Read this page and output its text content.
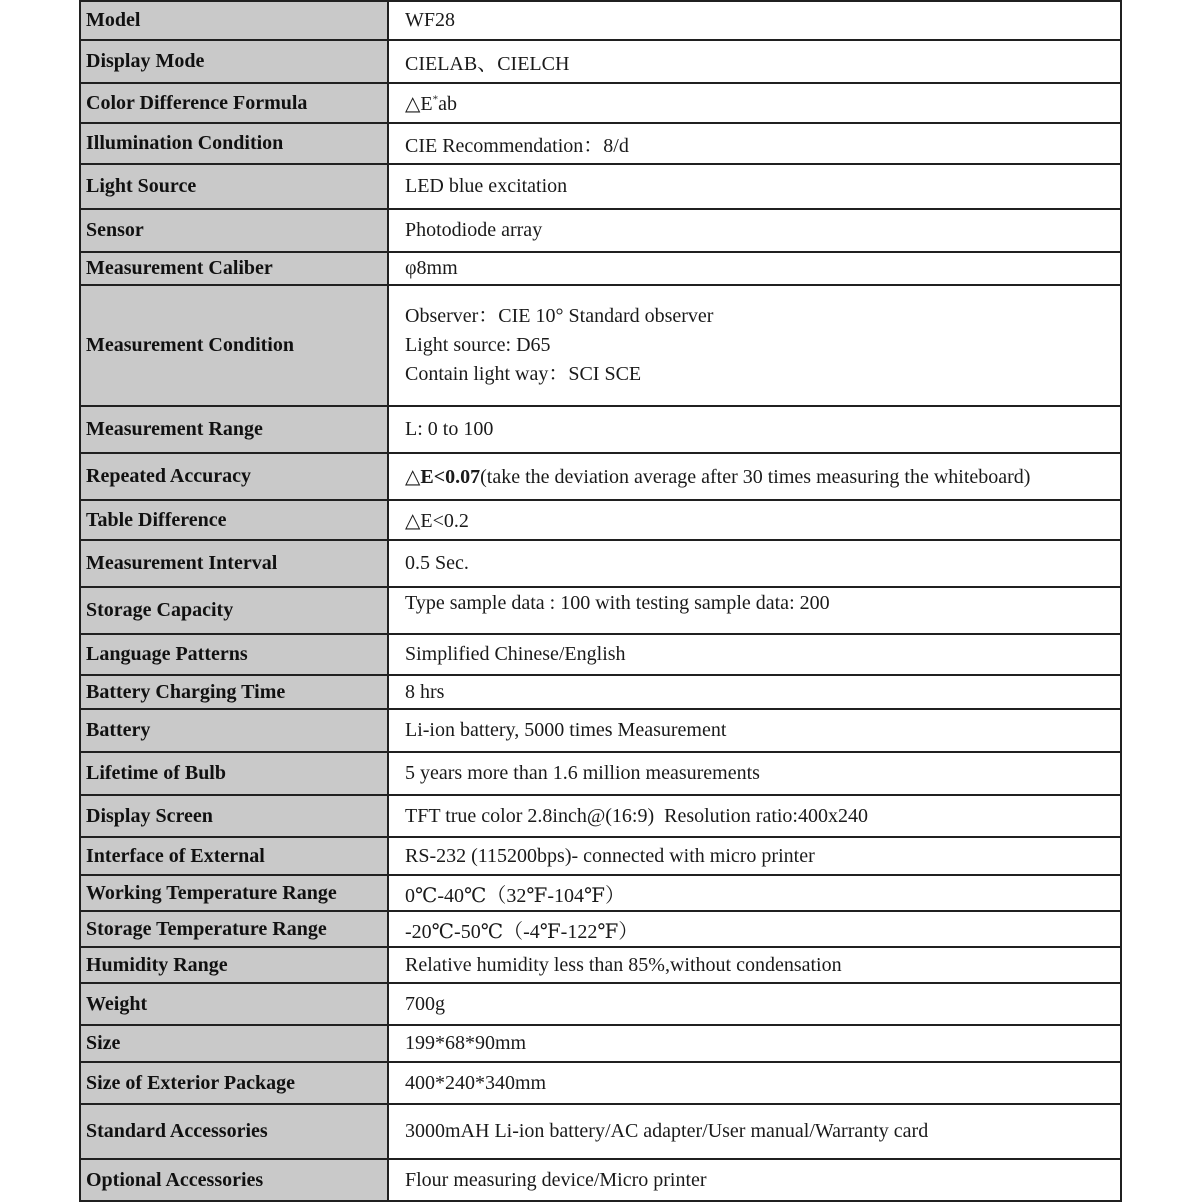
Model	WF28
Display Mode	CIELAB、CIELCH
Color Difference Formula	△E*ab
Illumination Condition	CIE Recommendation：8/d
Light Source	LED blue excitation
Sensor	Photodiode array
Measurement Caliber	φ8mm
Measurement Condition	Observer：CIE 10° Standard observer
Light source: D65
Contain light way：SCI SCE

Measurement Range	L: 0 to 100
Repeated Accuracy	△E<0.07(take the deviation average after 30 times measuring the whiteboard)
Table Difference	△E<0.2
Measurement Interval	0.5 Sec.
Storage Capacity	Type sample data : 100 with testing sample data: 200
Language Patterns	Simplified Chinese/English
Battery Charging Time	8 hrs
Battery	Li-ion battery, 5000 times Measurement
Lifetime of Bulb	5 years more than 1.6 million measurements
Display Screen	TFT true color 2.8inch@(16:9)  Resolution ratio:400x240
Interface of External	RS-232 (115200bps)- connected with micro printer
Working Temperature Range	0℃-40℃（32℉-104℉）
Storage Temperature Range	-20℃-50℃（-4℉-122℉）
Humidity Range	Relative humidity less than 85%,without condensation
Weight	700g
Size	199*68*90mm
Size of Exterior Package	400*240*340mm
Standard Accessories	3000mAH Li-ion battery/AC adapter/User manual/Warranty card
Optional Accessories	Flour measuring device/Micro printer
